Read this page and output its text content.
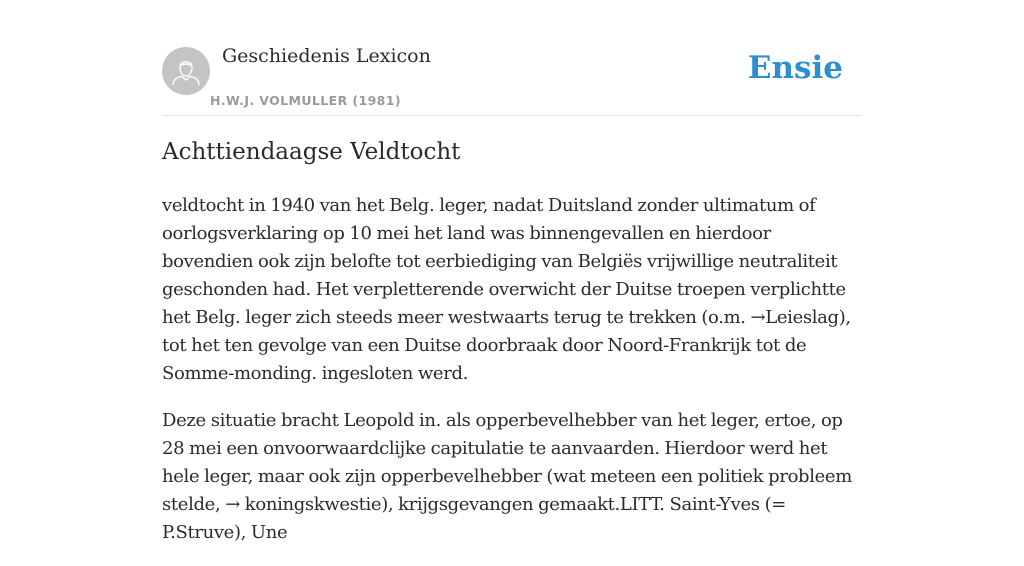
Geschiedenis Lexicon
H.W.J. VOLMULLER (1981)
Ensie
Achttiendaagse Veldtocht

veldtocht in 1940 van het Belg. leger, nadat Duitsland zonder ultimatum of oorlogsverklaring op 10 mei het land was binnengevallen en hierdoor bovendien ook zijn belofte tot eerbiediging van Belgiës vrijwillige neutraliteit geschonden had. Het verpletterende overwicht der Duitse troepen verplichtte het Belg. leger zich steeds meer westwaarts terug te trekken (o.m. →Leieslag), tot het ten gevolge van een Duitse doorbraak door Noord-Frankrijk tot de Somme-monding. ingesloten werd.

Deze situatie bracht Leopold in. als opperbevelhebber van het leger, ertoe, op 28 mei een onvoorwaardclijke capitulatie te aanvaarden. Hierdoor werd het hele leger, maar ook zijn opperbevelhebber (wat meteen een politiek probleem stelde, → koningskwestie), krijgsgevangen gemaakt.LITT. Saint-Yves (= P.Struve), Une
